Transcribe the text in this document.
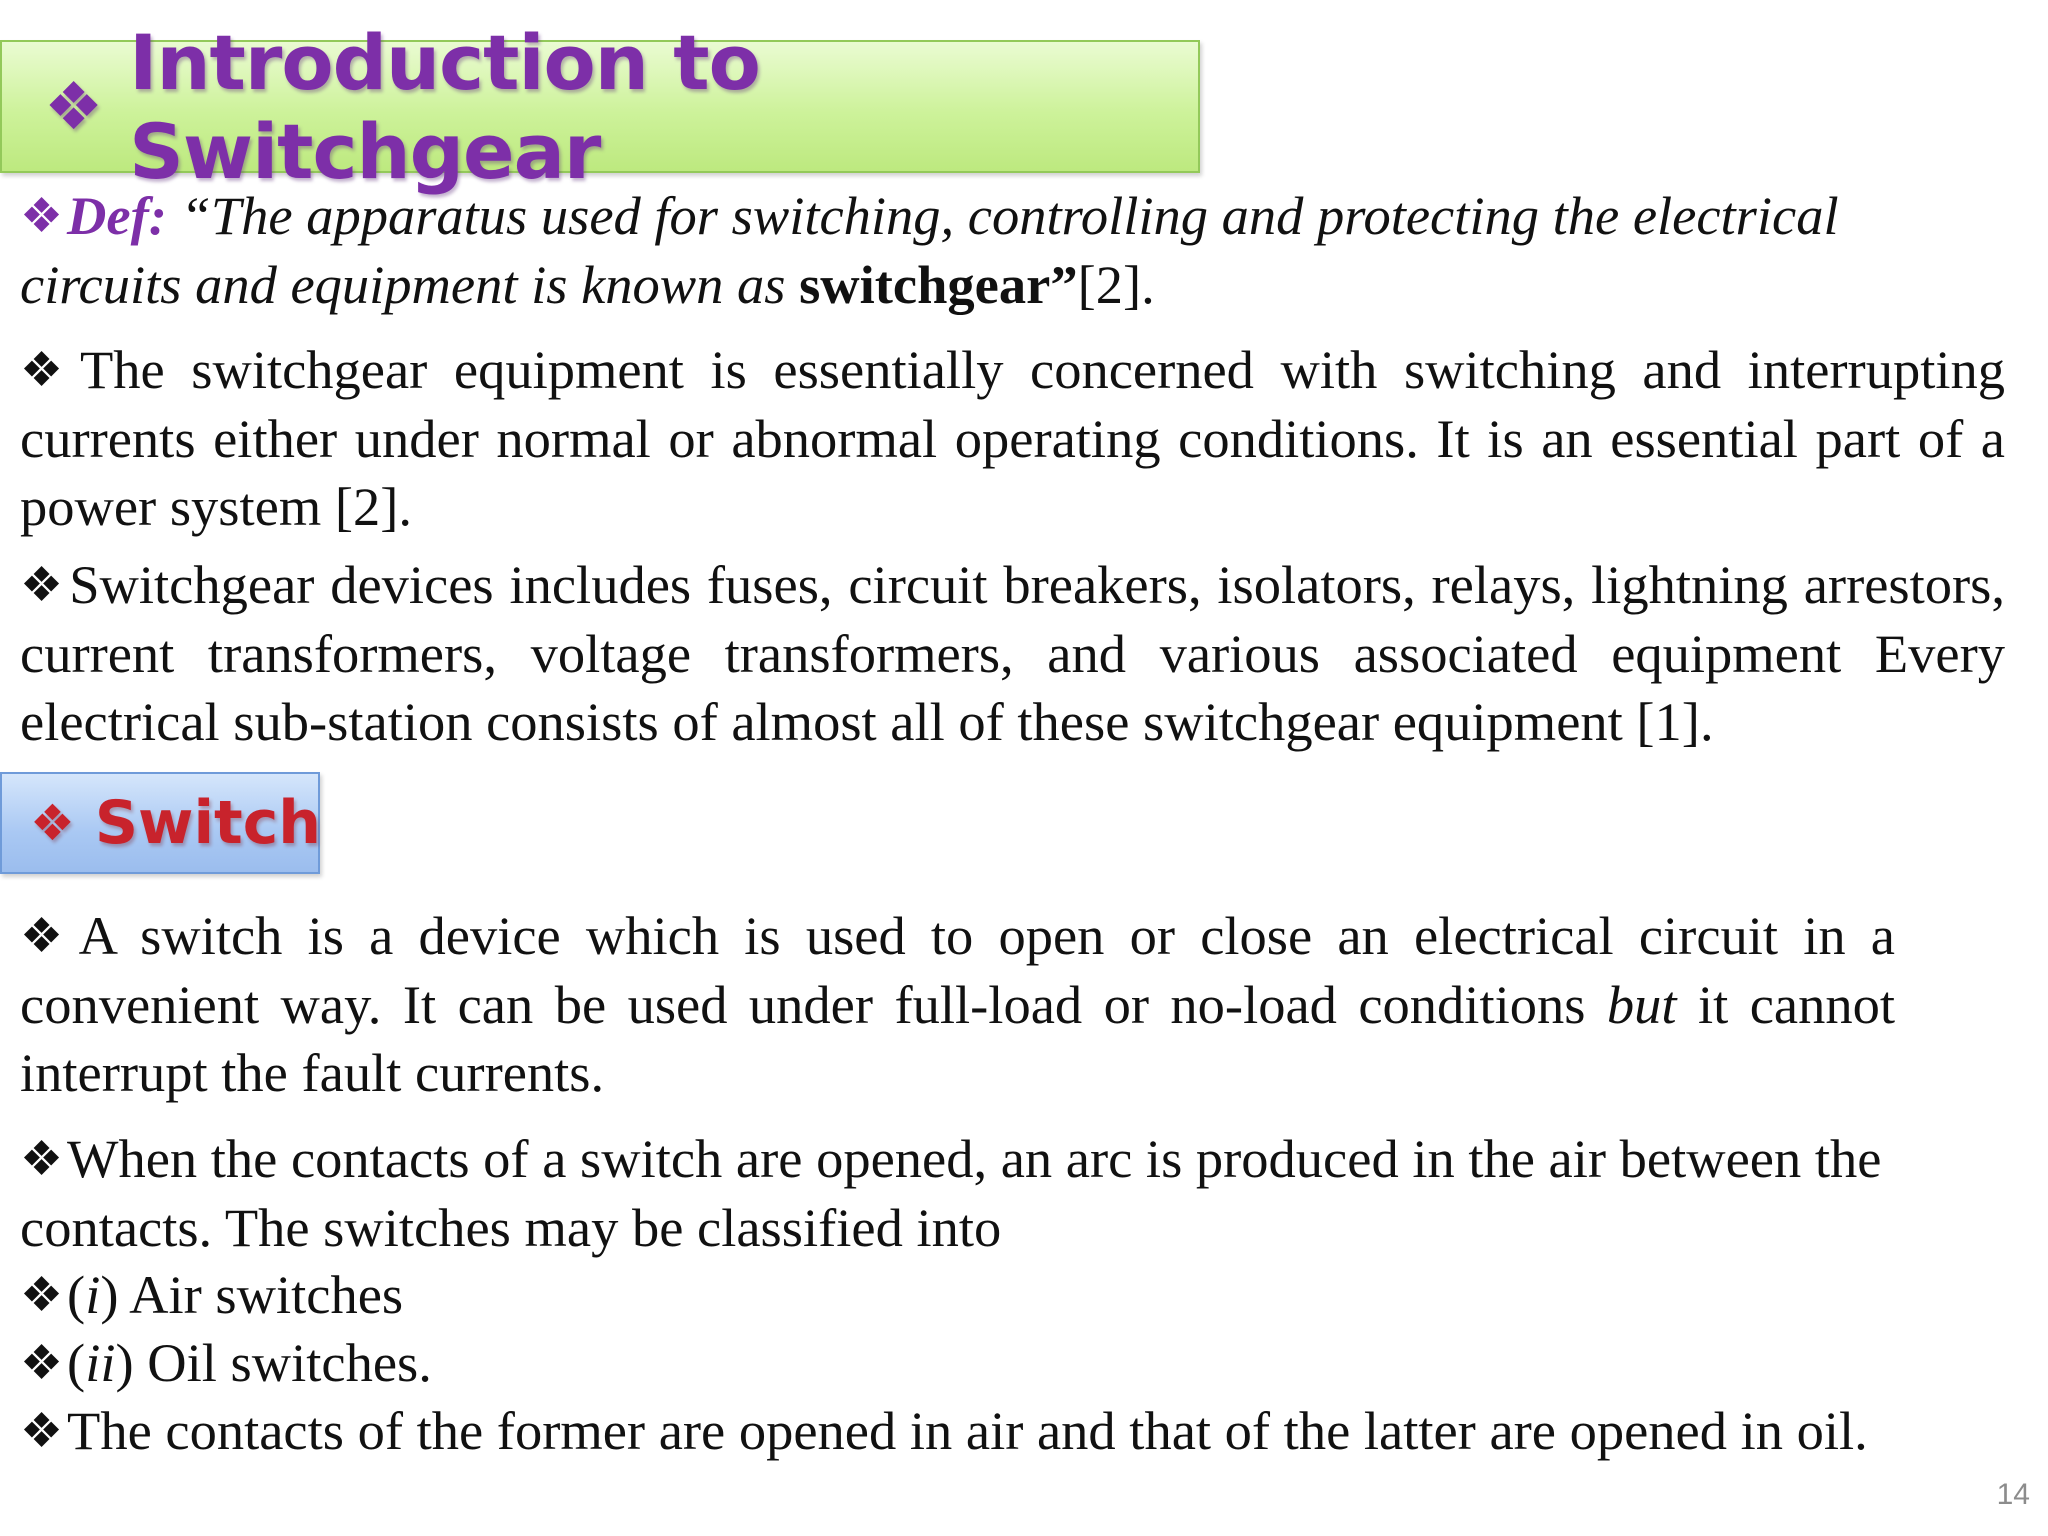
❖ Introduction to Switchgear

❖Def: “The apparatus used for switching, controlling and protecting the electrical circuits and equipment is known as switchgear”[2].

❖The switchgear equipment is essentially concerned with switching and interrupting currents either under normal or abnormal operating conditions. It is an essential part of a power system [2].

❖Switchgear devices includes fuses, circuit breakers, isolators, relays, lightning arrestors, current transformers, voltage transformers, and various associated equipment Every electrical sub-station consists of almost all of these switchgear equipment [1].

❖ Switch

❖A switch is a device which is used to open or close an electrical circuit in a convenient way. It can be used under full-load or no-load conditions but it cannot interrupt the fault currents.

❖When the contacts of a switch are opened, an arc is produced in the air between the contacts. The switches may be classified into

❖(i) Air switches

❖(ii) Oil switches.

❖The contacts of the former are opened in air and that of the latter are opened in oil.

14
